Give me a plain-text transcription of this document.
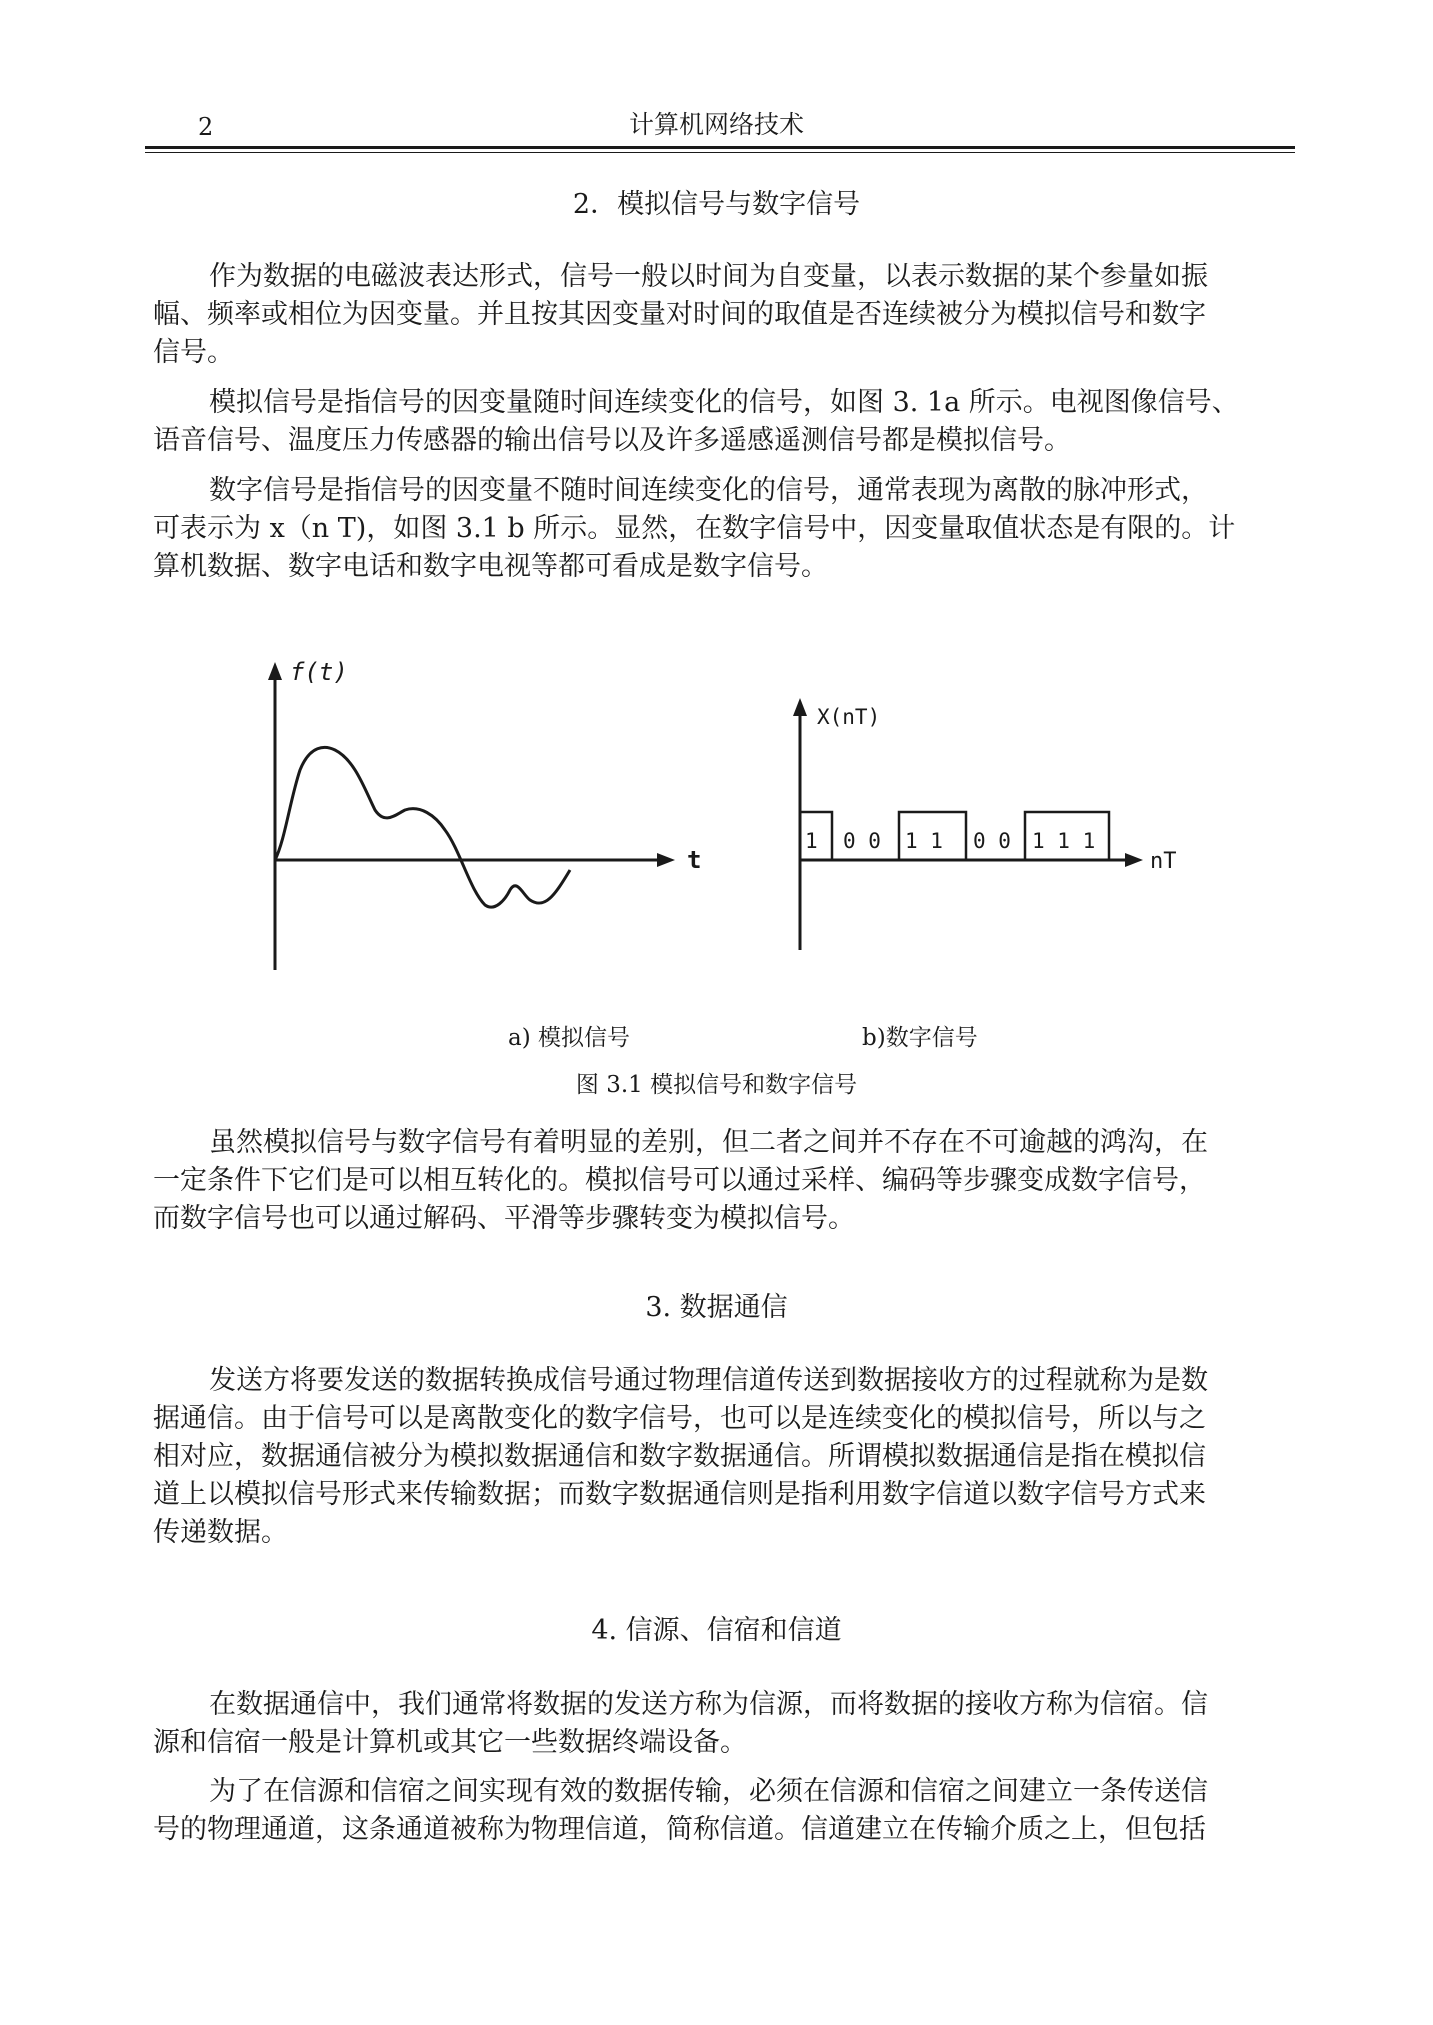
2	计算机网络技术
2．模拟信号与数字信号

作为数据的电磁波表达形式，信号一般以时间为自变量，以表示数据的某个参量如振
幅、频率或相位为因变量。并且按其因变量对时间的取值是否连续被分为模拟信号和数字
信号。

模拟信号是指信号的因变量随时间连续变化的信号，如图 3. 1a 所示。电视图像信号、
语音信号、温度压力传感器的输出信号以及许多遥感遥测信号都是模拟信号。

数字信号是指信号的因变量不随时间连续变化的信号，通常表现为离散的脉冲形式，
可表示为 x（n T)，如图 3.1 b 所示。显然，在数字信号中，因变量取值状态是有限的。计
算机数据、数字电话和数字电视等都可看成是数字信号。

f(t)
t
X(nT)
nT
1 0 0 1 1 0 0 1 1 1
a) 模拟信号	b)数字信号
图 3.1 模拟信号和数字信号

虽然模拟信号与数字信号有着明显的差别，但二者之间并不存在不可逾越的鸿沟，在
一定条件下它们是可以相互转化的。模拟信号可以通过采样、编码等步骤变成数字信号，
而数字信号也可以通过解码、平滑等步骤转变为模拟信号。

3. 数据通信

发送方将要发送的数据转换成信号通过物理信道传送到数据接收方的过程就称为是数
据通信。由于信号可以是离散变化的数字信号，也可以是连续变化的模拟信号，所以与之
相对应，数据通信被分为模拟数据通信和数字数据通信。所谓模拟数据通信是指在模拟信
道上以模拟信号形式来传输数据；而数字数据通信则是指利用数字信道以数字信号方式来
传递数据。

4. 信源、信宿和信道

在数据通信中，我们通常将数据的发送方称为信源，而将数据的接收方称为信宿。信
源和信宿一般是计算机或其它一些数据终端设备。

为了在信源和信宿之间实现有效的数据传输，必须在信源和信宿之间建立一条传送信
号的物理通道，这条通道被称为物理信道，简称信道。信道建立在传输介质之上，但包括
